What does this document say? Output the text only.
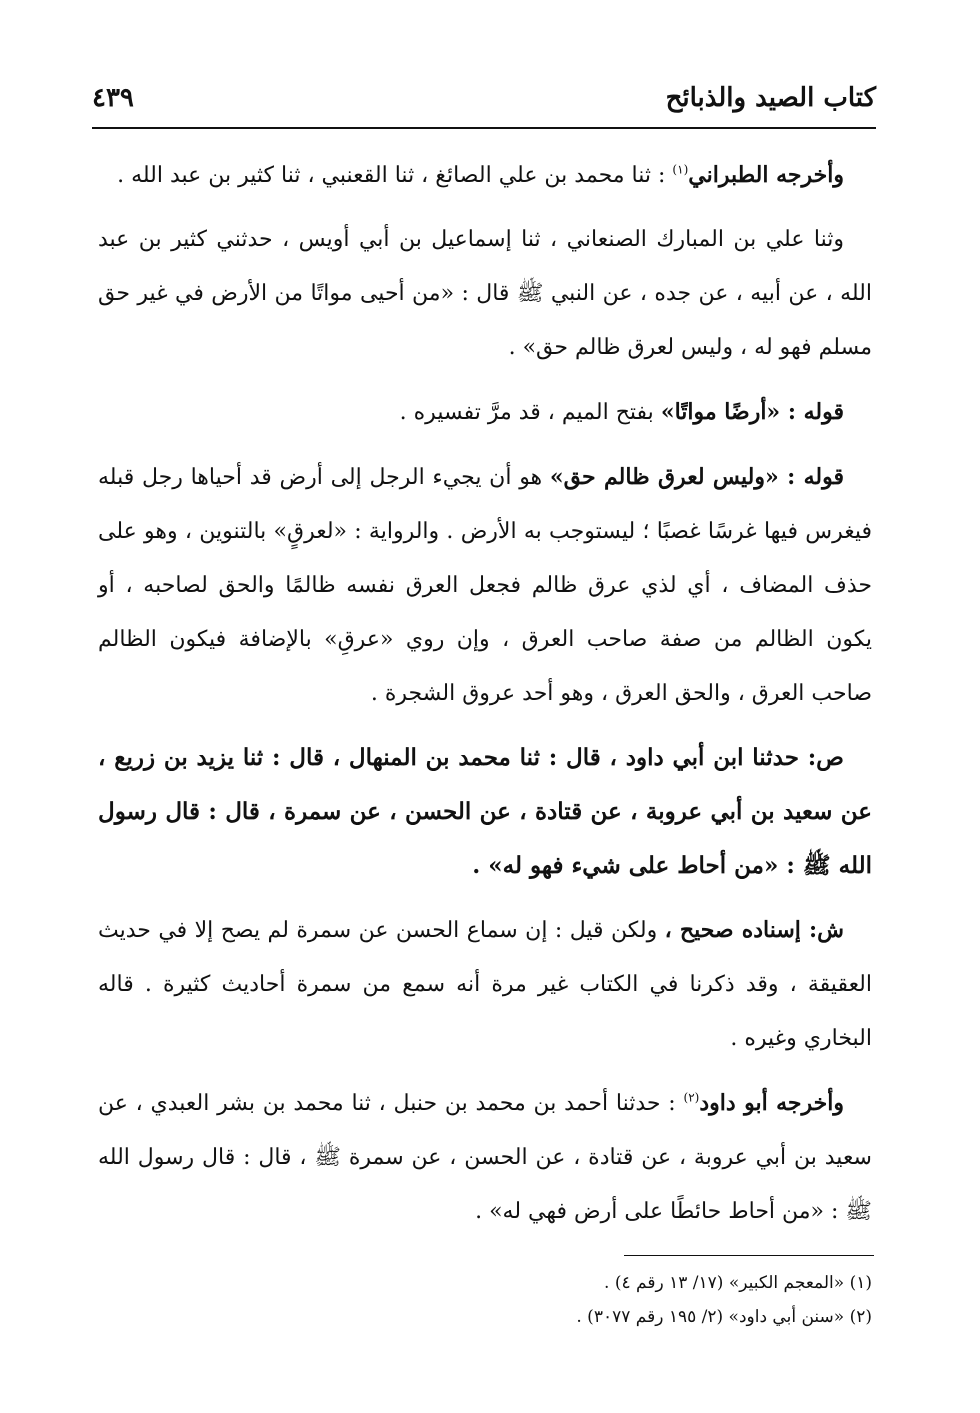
كتاب الصيد والذبائح
٤٣٩

وأخرجه الطبراني$^{(١)}$ : ثنا محمد بن علي الصائغ ، ثنا القعنبي ، ثنا كثير بن عبد الله .

وثنا علي بن المبارك الصنعاني ، ثنا إسماعيل بن أبي أويس ، حدثني كثير بن عبد الله ، عن أبيه ، عن جده ، عن النبي ﷺ قال : «من أحيى مواتًا من الأرض في غير حق مسلم فهو له ، وليس لعرق ظالم حق» .

قوله : «أرضًا مواتًا» بفتح الميم ، قد مرَّ تفسيره .

قوله : «وليس لعرق ظالم حق» هو أن يجيء الرجل إلى أرض قد أحياها رجل قبله فيغرس فيها غرسًا غصبًا ؛ ليستوجب به الأرض . والرواية : «لعرقٍ» بالتنوين ، وهو على حذف المضاف ، أي لذي عرق ظالم فجعل العرق نفسه ظالمًا والحق لصاحبه ، أو يكون الظالم من صفة صاحب العرق ، وإن روي «عرقِ» بالإضافة فيكون الظالم صاحب العرق ، والحق العرق ، وهو أحد عروق الشجرة .

ص: حدثنا ابن أبي داود ، قال : ثنا محمد بن المنهال ، قال : ثنا يزيد بن زريع ، عن سعيد بن أبي عروبة ، عن قتادة ، عن الحسن ، عن سمرة ، قال : قال رسول الله ﷺ : «من أحاط على شيء فهو له» .

ش: إسناده صحيح ، ولكن قيل : إن سماع الحسن عن سمرة لم يصح إلا في حديث العقيقة ، وقد ذكرنا في الكتاب غير مرة أنه سمع من سمرة أحاديث كثيرة . قاله البخاري وغيره .

وأخرجه أبو داود$^{(٢)}$ : حدثنا أحمد بن محمد بن حنبل ، ثنا محمد بن بشر العبدي ، عن سعيد بن أبي عروبة ، عن قتادة ، عن الحسن ، عن سمرة ﷺ ، قال : قال رسول الله ﷺ : «من أحاط حائطًا على أرض فهي له» .

(١) «المعجم الكبير» (١٧/ ١٣ رقم ٤) .

(٢) «سنن أبي داود» (٢/ ١٩٥ رقم ٣٠٧٧) .
